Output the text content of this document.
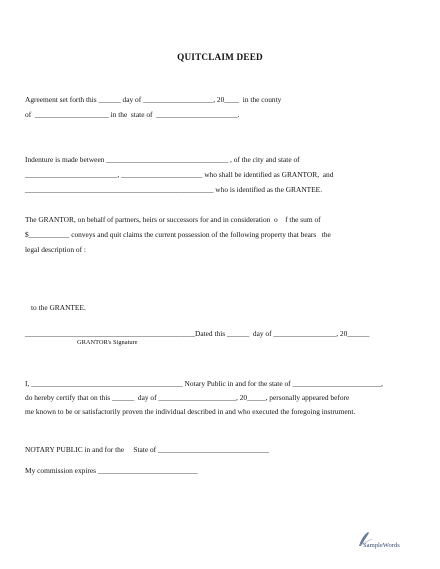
QUITCLAIM DEED
Agreement set forth this ______ day of ___________________, 20____  in the county
of  ____________________ in the  state of  ______________________.
Indenture is made between _________________________________ , of the city and state of
_________________________, ______________________ who shall be identified as GRANTOR,  and
___________________________________________________ who is identified as the GRANTEE.
The GRANTOR, on behalf of partners, heirs or successors for and in consideration  o    f the sum of
$___________ conveys and quit claims the current possession of the following property that bears   the
legal description of :
to the GRANTEE.
______________________________________________Dated this ______  day of _________________, 20______
GRANTOR's Signature
I, _________________________________________ Notary Public in and for the state of ________________________,
do hereby certify that on this ______  day of _____________________, 20_____, personally appeared before
me known to be or satisfactorily proven the individual described in and who executed the foregoing instrument.
NOTARY PUBLIC in and for the     State of ______________________________
My commission expires ___________________________
SampleWords
